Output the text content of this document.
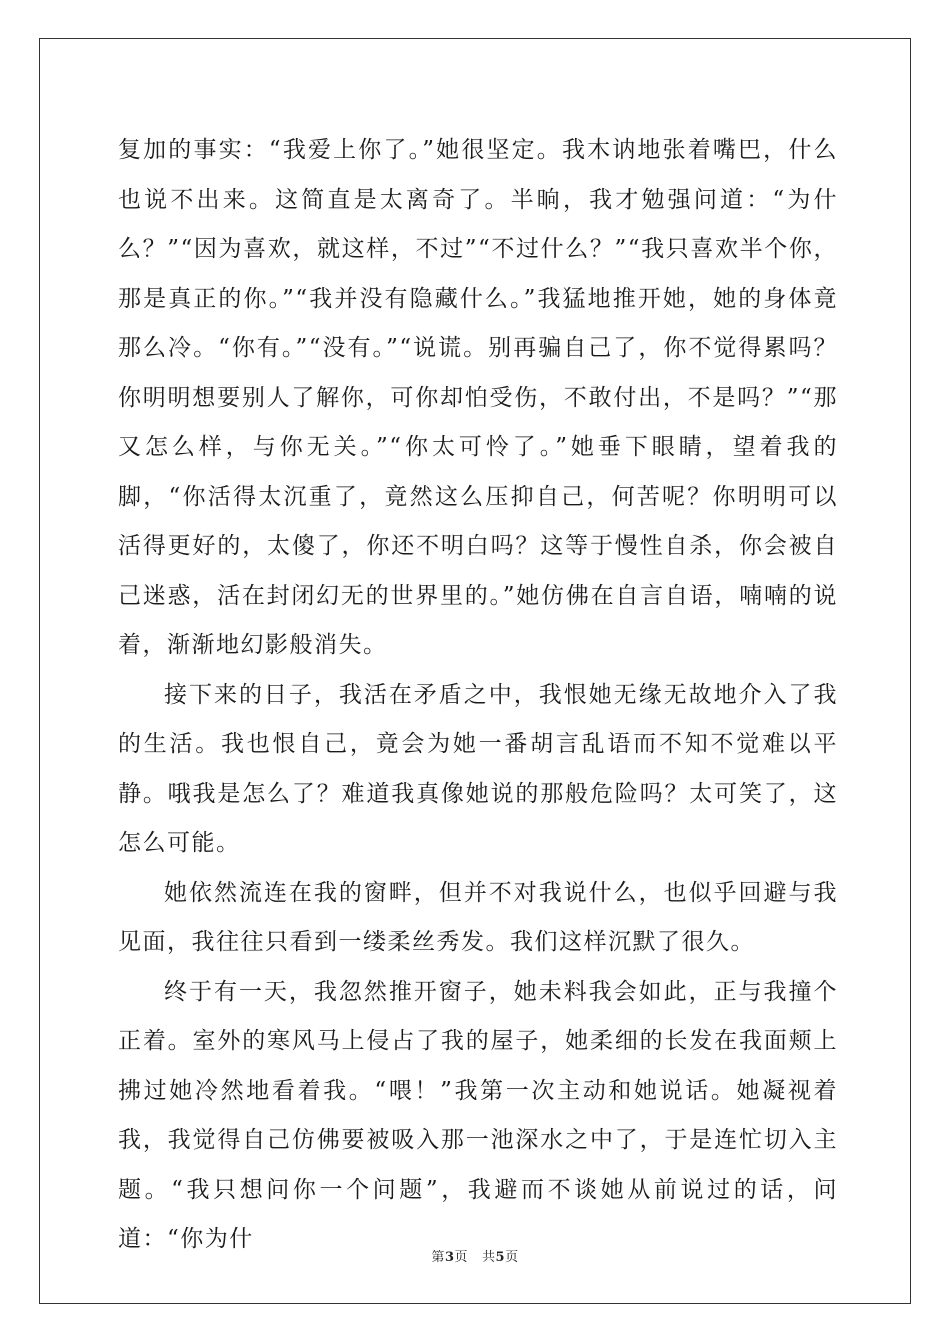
复加的事实：“我爱上你了。”她很坚定。我木讷地张着嘴巴，什么也说不出来。这简直是太离奇了。半晌，我才勉强问道：“为什么？”“因为喜欢，就这样，不过”“不过什么？”“我只喜欢半个你，那是真正的你。”“我并没有隐藏什么。”我猛地推开她，她的身体竟那么冷。“你有。”“没有。”“说谎。别再骗自己了，你不觉得累吗？你明明想要别人了解你，可你却怕受伤，不敢付出，不是吗？”“那又怎么样，与你无关。”“你太可怜了。”她垂下眼睛，望着我的脚，“你活得太沉重了，竟然这么压抑自己，何苦呢？你明明可以活得更好的，太傻了，你还不明白吗？这等于慢性自杀，你会被自己迷惑，活在封闭幻无的世界里的。”她仿佛在自言自语，喃喃的说着，渐渐地幻影般消失。

接下来的日子，我活在矛盾之中，我恨她无缘无故地介入了我的生活。我也恨自己，竟会为她一番胡言乱语而不知不觉难以平静。哦我是怎么了？难道我真像她说的那般危险吗？太可笑了，这怎么可能。

她依然流连在我的窗畔，但并不对我说什么，也似乎回避与我见面，我往往只看到一缕柔丝秀发。我们这样沉默了很久。

终于有一天，我忽然推开窗子，她未料我会如此，正与我撞个正着。室外的寒风马上侵占了我的屋子，她柔细的长发在我面颊上拂过她冷然地看着我。“喂！”我第一次主动和她说话。她凝视着我，我觉得自己仿佛要被吸入那一池深水之中了，于是连忙切入主题。“我只想问你一个问题”，我避而不谈她从前说过的话，问道：“你为什

第3页 共5页
